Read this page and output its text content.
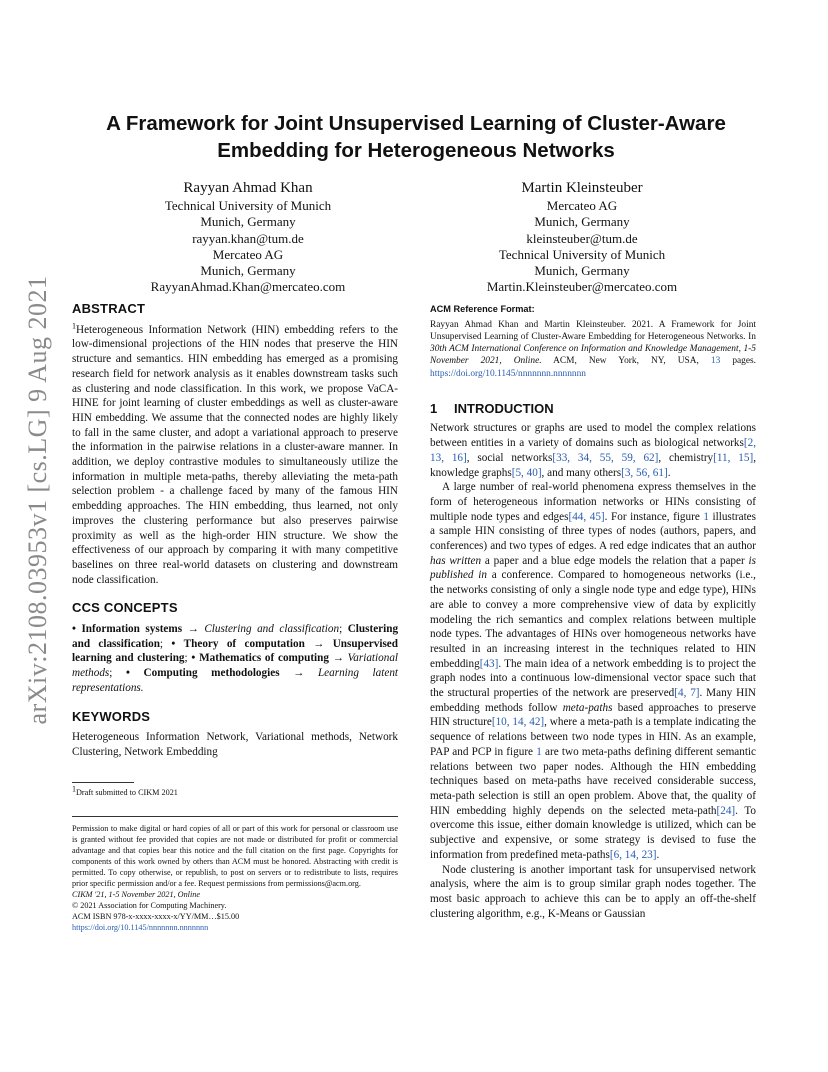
arXiv:2108.03953v1 [cs.LG] 9 Aug 2021
A Framework for Joint Unsupervised Learning of Cluster-Aware Embedding for Heterogeneous Networks
Rayyan Ahmad Khan
Technical University of Munich
Munich, Germany
rayyan.khan@tum.de
Mercateo AG
Munich, Germany
RayyanAhmad.Khan@mercateo.com
Martin Kleinsteuber
Mercateo AG
Munich, Germany
kleinsteuber@tum.de
Technical University of Munich
Munich, Germany
Martin.Kleinsteuber@mercateo.com
ABSTRACT

$^1$Heterogeneous Information Network (HIN) embedding refers to the low-dimensional projections of the HIN nodes that preserve the HIN structure and semantics. HIN embedding has emerged as a promising research field for network analysis as it enables downstream tasks such as clustering and node classification. In this work, we propose VaCA-HINE for joint learning of cluster embeddings as well as cluster-aware HIN embedding. We assume that the connected nodes are highly likely to fall in the same cluster, and adopt a variational approach to preserve the information in the pairwise relations in a cluster-aware manner. In addition, we deploy contrastive modules to simultaneously utilize the information in multiple meta-paths, thereby alleviating the meta-path selection problem - a challenge faced by many of the famous HIN embedding approaches. The HIN embedding, thus learned, not only improves the clustering performance but also preserves pairwise proximity as well as the high-order HIN structure. We show the effectiveness of our approach by comparing it with many competitive baselines on three real-world datasets on clustering and downstream node classification.

CCS CONCEPTS

• Information systems → Clustering and classification; Clustering and classification; • Theory of computation → Unsupervised learning and clustering; • Mathematics of computing → Variational methods; • Computing methodologies → Learning latent representations.

KEYWORDS

Heterogeneous Information Network, Variational methods, Network Clustering, Network Embedding

1Draft submitted to CIKM 2021

Permission to make digital or hard copies of all or part of this work for personal or classroom use is granted without fee provided that copies are not made or distributed for profit or commercial advantage and that copies bear this notice and the full citation on the first page. Copyrights for components of this work owned by others than ACM must be honored. Abstracting with credit is permitted. To copy otherwise, or republish, to post on servers or to redistribute to lists, requires prior specific permission and/or a fee. Request permissions from permissions@acm.org.

CIKM '21, 1-5 November 2021, Online
© 2021 Association for Computing Machinery.
ACM ISBN 978-x-xxxx-xxxx-x/YY/MM…$15.00
https://doi.org/10.1145/nnnnnnn.nnnnnnn
ACM Reference Format:

Rayyan Ahmad Khan and Martin Kleinsteuber. 2021. A Framework for Joint Unsupervised Learning of Cluster-Aware Embedding for Heterogeneous Networks. In 30th ACM International Conference on Information and Knowledge Management, 1-5 November 2021, Online. ACM, New York, NY, USA, 13 pages. https://doi.org/10.1145/nnnnnnn.nnnnnnn

1 INTRODUCTION

Network structures or graphs are used to model the complex relations between entities in a variety of domains such as biological networks[2, 13, 16], social networks[33, 34, 55, 59, 62], chemistry[11, 15], knowledge graphs[5, 40], and many others[3, 56, 61].

A large number of real-world phenomena express themselves in the form of heterogeneous information networks or HINs consisting of multiple node types and edges[44, 45]. For instance, figure 1 illustrates a sample HIN consisting of three types of nodes (authors, papers, and conferences) and two types of edges. A red edge indicates that an author has written a paper and a blue edge models the relation that a paper is published in a conference. Compared to homogeneous networks (i.e., the networks consisting of only a single node type and edge type), HINs are able to convey a more comprehensive view of data by explicitly modeling the rich semantics and complex relations between multiple node types. The advantages of HINs over homogeneous networks have resulted in an increasing interest in the techniques related to HIN embedding[43]. The main idea of a network embedding is to project the graph nodes into a continuous low-dimensional vector space such that the structural properties of the network are preserved[4, 7]. Many HIN embedding methods follow meta-paths based approaches to preserve HIN structure[10, 14, 42], where a meta-path is a template indicating the sequence of relations between two node types in HIN. As an example, PAP and PCP in figure 1 are two meta-paths defining different semantic relations between two paper nodes. Although the HIN embedding techniques based on meta-paths have received considerable success, meta-path selection is still an open problem. Above that, the quality of HIN embedding highly depends on the selected meta-path[24]. To overcome this issue, either domain knowledge is utilized, which can be subjective and expensive, or some strategy is devised to fuse the information from predefined meta-paths[6, 14, 23].

Node clustering is another important task for unsupervised network analysis, where the aim is to group similar graph nodes together. The most basic approach to achieve this can be to apply an off-the-shelf clustering algorithm, e.g., K-Means or Gaussian
